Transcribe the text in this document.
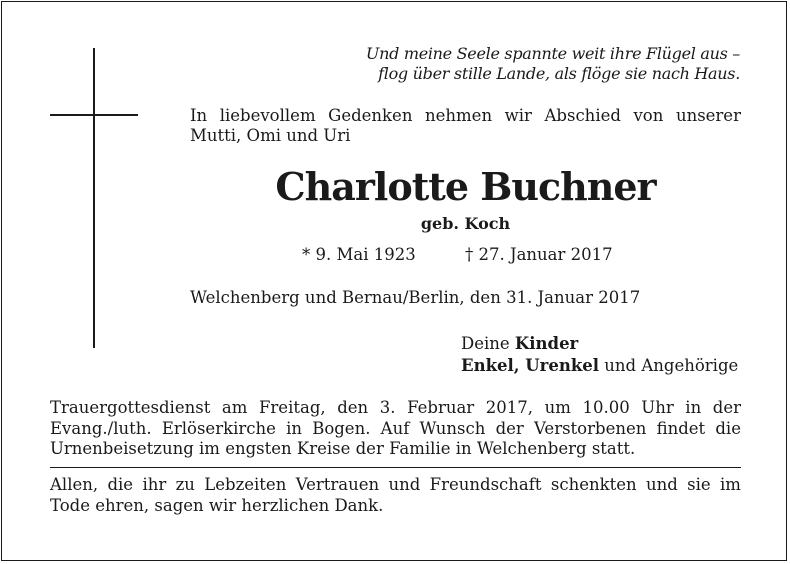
Und meine Seele spannte weit ihre Flügel aus –
flog über stille Lande, als flöge sie nach Haus.
In liebevollem Gedenken nehmen wir Abschied von unserer
Mutti, Omi und Uri
Charlotte Buchner
geb. Koch
* 9. Mai 1923	† 27. Januar 2017
Welchenberg und Bernau/Berlin, den 31. Januar 2017
Deine Kinder
Enkel, Urenkel und Angehörige
Trauergottesdienst am Freitag, den 3. Februar 2017, um 10.00 Uhr in der
Evang./luth. Erlöserkirche in Bogen. Auf Wunsch der Verstorbenen findet die
Urnenbeisetzung im engsten Kreise der Familie in Welchenberg statt.
Allen, die ihr zu Lebzeiten Vertrauen und Freundschaft schenkten und sie im
Tode ehren, sagen wir herzlichen Dank.
